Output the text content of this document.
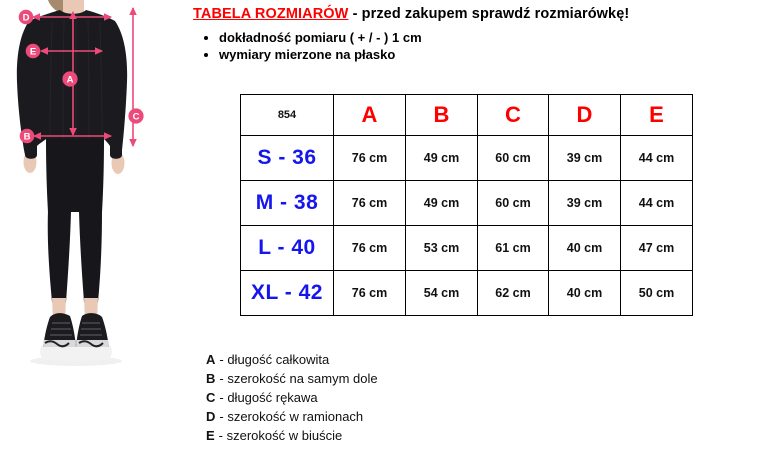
D
E
A
B
C
TABELA ROZMIARÓW - przed zakupem sprawdź rozmiarówkę!
• dokładność pomiaru ( + / - ) 1 cm
• wymiary mierzone na płasko
854	A	B	C	D	E
S - 36	76 cm	49 cm	60 cm	39 cm	44 cm
M - 38	76 cm	49 cm	60 cm	39 cm	44 cm
L - 40	76 cm	53 cm	61 cm	40 cm	47 cm
XL - 42	76 cm	54 cm	62 cm	40 cm	50 cm
A - długość całkowita
B - szerokość na samym dole
C - długość rękawa
D - szerokość w ramionach
E - szerokość w biuście
